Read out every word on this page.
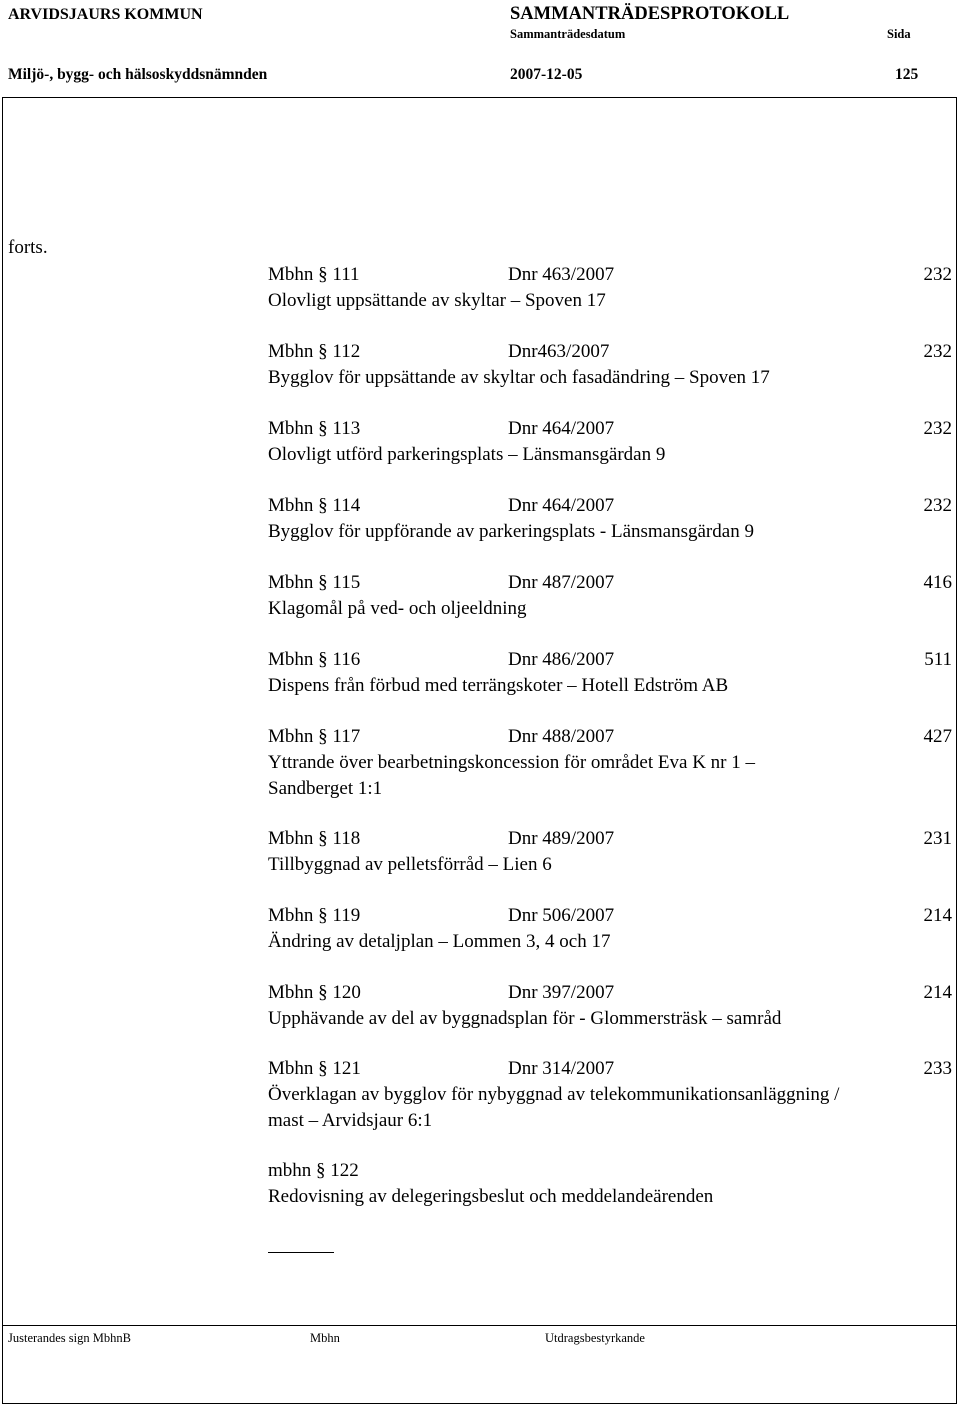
ARVIDSJAURS KOMMUN	SAMMANTRÄDESPROTOKOLL
Sammanträdesdatum	Sida
Miljö-, bygg- och hälsoskyddsnämnden	2007-12-05	125
forts.
Mbhn § 111	Dnr 463/2007	232
Olovligt uppsättande av skyltar – Spoven 17
Mbhn § 112	Dnr463/2007	232
Bygglov för uppsättande av skyltar och fasadändring – Spoven 17
Mbhn § 113	Dnr 464/2007	232
Olovligt utförd parkeringsplats – Länsmansgärdan 9
Mbhn § 114	Dnr 464/2007	232
Bygglov för uppförande av parkeringsplats - Länsmansgärdan 9
Mbhn § 115	Dnr 487/2007	416
Klagomål på ved- och oljeeldning
Mbhn § 116	Dnr 486/2007	511
Dispens från förbud med terrängskoter – Hotell Edström AB
Mbhn § 117	Dnr 488/2007	427
Yttrande över bearbetningskoncession för området Eva K nr 1 –
Sandberget 1:1
Mbhn § 118	Dnr 489/2007	231
Tillbyggnad av pelletsförråd – Lien 6
Mbhn § 119	Dnr 506/2007	214
Ändring av detaljplan – Lommen 3, 4 och 17
Mbhn § 120	Dnr 397/2007	214
Upphävande av del av byggnadsplan för - Glommersträsk – samråd
Mbhn § 121	Dnr 314/2007	233
Överklagan av bygglov för nybyggnad av telekommunikationsanläggning /
mast – Arvidsjaur 6:1
mbhn § 122
Redovisning av delegeringsbeslut och meddelandeärenden
Justerandes sign MbhnB	Mbhn	Utdragsbestyrkande
